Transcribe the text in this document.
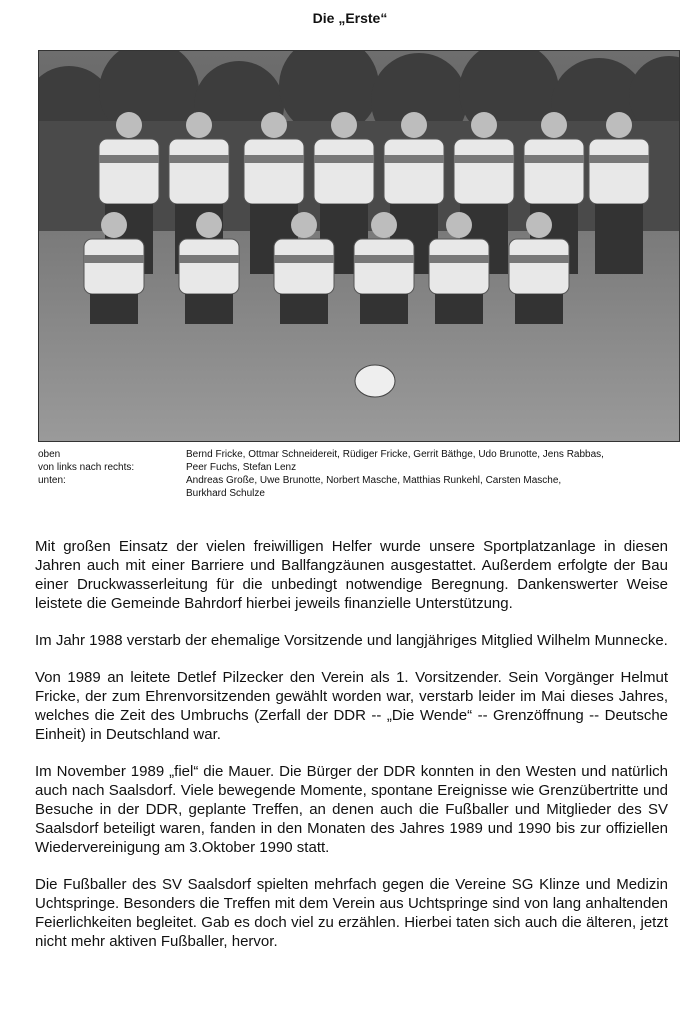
Die „Erste“
oben
von links nach rechts:
unten:
Bernd Fricke, Ottmar Schneidereit, Rüdiger Fricke, Gerrit Bäthge, Udo Brunotte, Jens Rabbas,
Peer Fuchs, Stefan Lenz
Andreas Große, Uwe Brunotte, Norbert Masche, Matthias Runkehl, Carsten Masche,
Burkhard Schulze

Mit großen Einsatz der vielen freiwilligen Helfer wurde unsere Sportplatzanlage in diesen Jahren auch mit einer Barriere und Ballfangzäunen ausgestattet. Außerdem erfolgte der Bau einer Druckwasserleitung für die unbedingt notwendige Beregnung. Dankenswerter Weise leistete die Gemeinde Bahrdorf hierbei jeweils finanzielle Unterstützung.

Im Jahr 1988 verstarb der ehemalige Vorsitzende und langjähriges Mitglied Wilhelm Munnecke.

Von 1989 an leitete Detlef Pilzecker den Verein als 1. Vorsitzender. Sein Vorgänger Helmut Fricke, der zum Ehrenvorsitzenden gewählt worden war, verstarb leider im Mai dieses Jahres, welches die Zeit des Umbruchs (Zerfall der DDR -- „Die Wende“ -- Grenzöffnung -- Deutsche Einheit) in Deutschland war.

Im November 1989 „fiel“ die Mauer. Die Bürger der DDR konnten in den Westen und natürlich auch nach Saalsdorf. Viele bewegende Momente, spontane Ereignisse wie Grenzübertritte und Besuche in der DDR, geplante Treffen, an denen auch die Fußballer und Mitglieder des SV Saalsdorf beteiligt waren, fanden in den Monaten des Jahres 1989 und 1990 bis zur offiziellen Wiedervereinigung am 3.Oktober 1990 statt.

Die Fußballer des SV Saalsdorf spielten mehrfach gegen die Vereine SG Klinze und Medizin Uchtspringe. Besonders die Treffen mit dem Verein aus Uchtspringe sind von lang anhaltenden Feierlichkeiten begleitet. Gab es doch viel zu erzählen. Hierbei taten sich auch die älteren, jetzt nicht mehr aktiven Fußballer, hervor.
